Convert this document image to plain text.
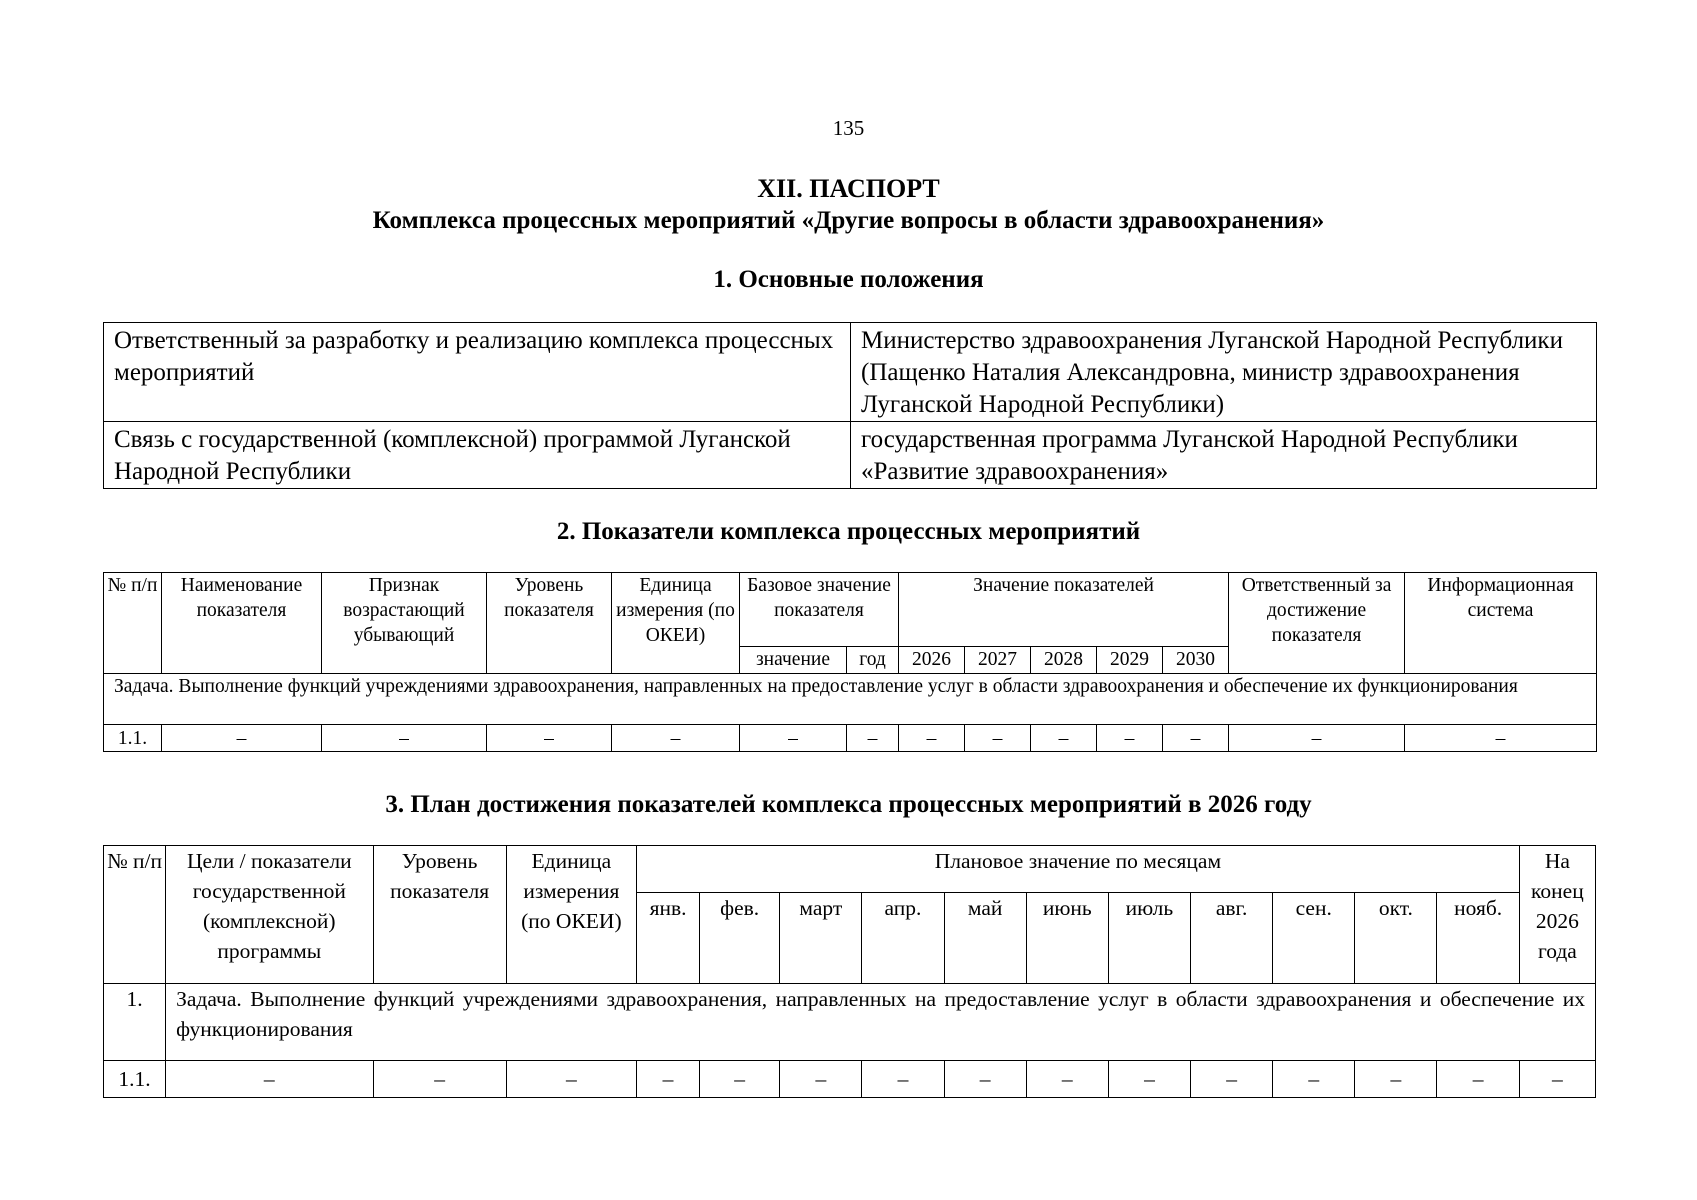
135
XII. ПАСПОРТ
Комплекса процессных мероприятий «Другие вопросы в области здравоохранения»
1. Основные положения
Ответственный за разработку и реализацию комплекса процессных мероприятий	Министерство здравоохранения Луганской Народной Республики (Пащенко Наталия Александровна, министр здравоохранения Луганской Народной Республики)
Связь с государственной (комплексной) программой Луганской Народной Республики	государственная программа Луганской Народной Республики «Развитие здравоохранения»
2. Показатели комплекса процессных мероприятий
№ п/п	Наименование показателя	Признак возрастающий убывающий	Уровень показателя	Единица измерения (по ОКЕИ)	Базовое значение показателя		Значение показателей					Ответственный за достижение показателя	Информационная система
					значение	год	2026	2027	2028	2029	2030		
Задача. Выполнение функций учреждениями здравоохранения, направленных на предоставление услуг в области здравоохранения и обеспечение их функционирования													
1.1.	–	–	–	–	–	–	–	–	–	–	–	–	–
3. План достижения показателей комплекса процессных мероприятий в 2026 году
№ п/п	Цели / показатели государственной (комплексной) программы	Уровень показателя	Единица измерения (по ОКЕИ)	Плановое значение по месяцам											На конец 2026 года
				янв.	фев.	март	апр.	май	июнь	июль	авг.	сен.	окт.	нояб.	
1.	Задача. Выполнение функций учреждениями здравоохранения, направленных на предоставление услуг в области здравоохранения и обеспечение их функционирования														
1.1.	–	–	–	–	–	–	–	–	–	–	–	–	–	–	–
